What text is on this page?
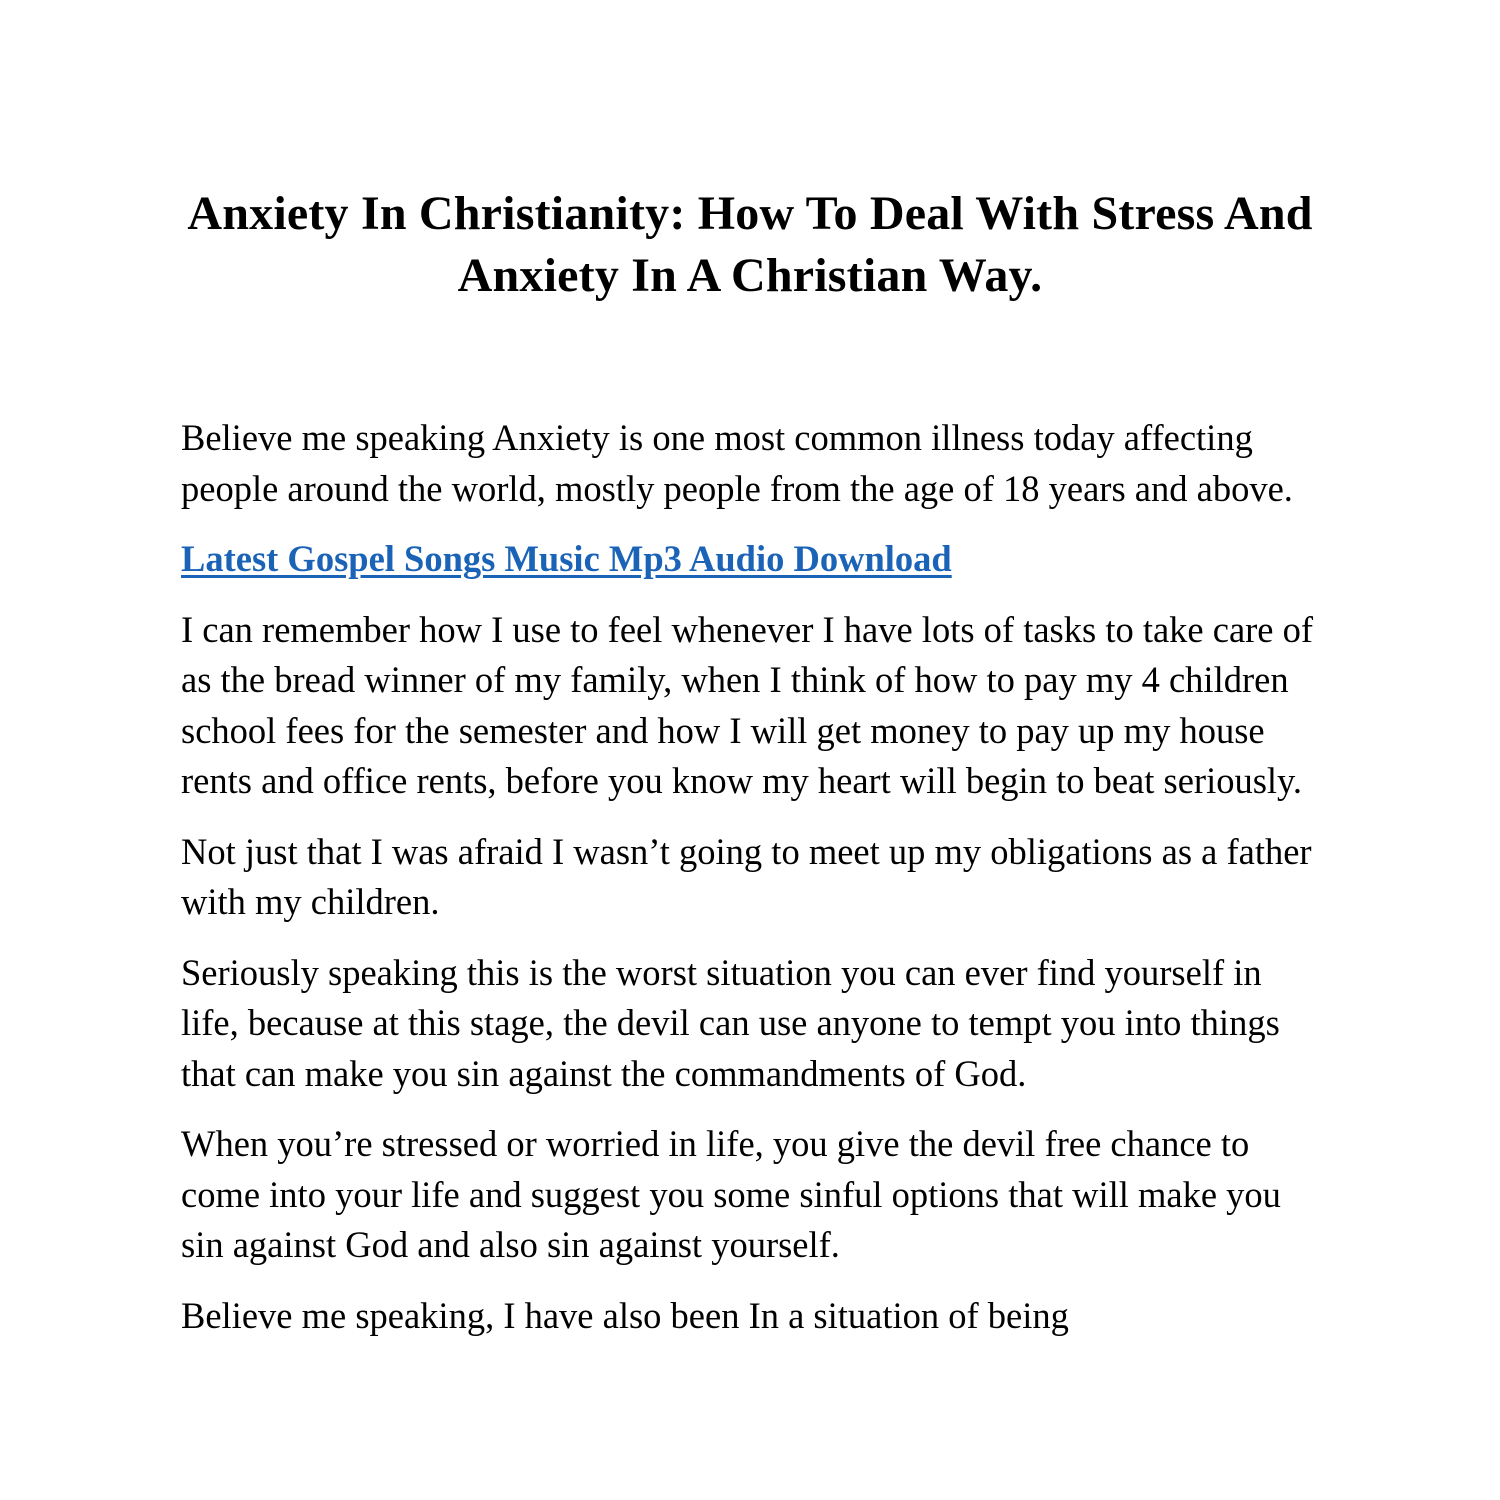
Anxiety In Christianity: How To Deal With Stress And Anxiety In A Christian Way.

Believe me speaking Anxiety is one most common illness today affecting people around the world, mostly people from the age of 18 years and above.

Latest Gospel Songs Music Mp3 Audio Download

I can remember how I use to feel whenever I have lots of tasks to take care of as the bread winner of my family, when I think of how to pay my 4 children school fees for the semester and how I will get money to pay up my house rents and office rents, before you know my heart will begin to beat seriously.

Not just that I was afraid I wasn’t going to meet up my obligations as a father with my children.

Seriously speaking this is the worst situation you can ever find yourself in life, because at this stage, the devil can use anyone to tempt you into things that can make you sin against the commandments of God.

When you’re stressed or worried in life, you give the devil free chance to come into your life and suggest you some sinful options that will make you sin against God and also sin against yourself.

Believe me speaking, I have also been In a situation of being
